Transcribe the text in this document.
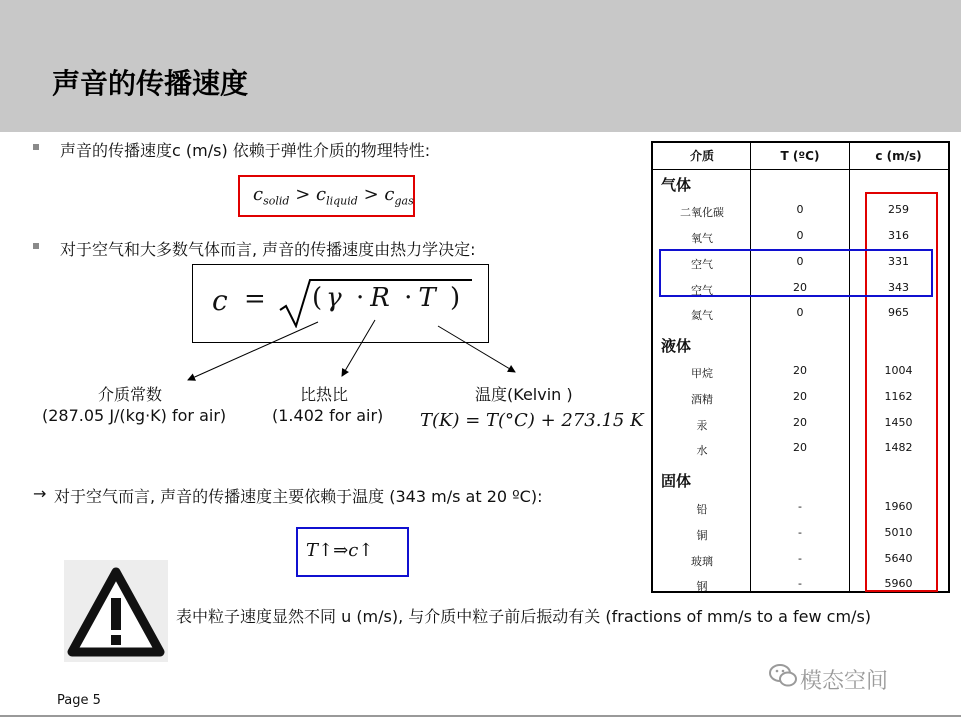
声音的传播速度
声音的传播速度c (m/s) 依赖于弹性介质的物理特性:
$c_{solid} > c_{liquid} > c_{gas}$
对于空气和大多数气体而言, 声音的传播速度由热力学决定:
c = ( γ · R · T )
介质常数
(287.05 J/(kg·K) for air)
比热比
(1.402 for air)
温度(Kelvin )
T(K) = T(°C) + 273.15 K
→ 对于空气而言, 声音的传播速度主要依赖于温度 (343 m/s at 20 ºC):
T↑⇒c↑
表中粒子速度显然不同 u (m/s), 与介质中粒子前后振动有关 (fractions of mm/s to a few cm/s)
介质	T (ºC)	c (m/s)
气体
液体
固体
二氧化碳	0	259
氧气	0	316
空气	0	331
空气	20	343
氦气	0	965
甲烷	20	1004
酒精	20	1162
汞	20	1450
水	20	1482
铅	-	1960
铜	-	5010
玻璃	-	5640
钢	-	5960
Page 5
模态空间
